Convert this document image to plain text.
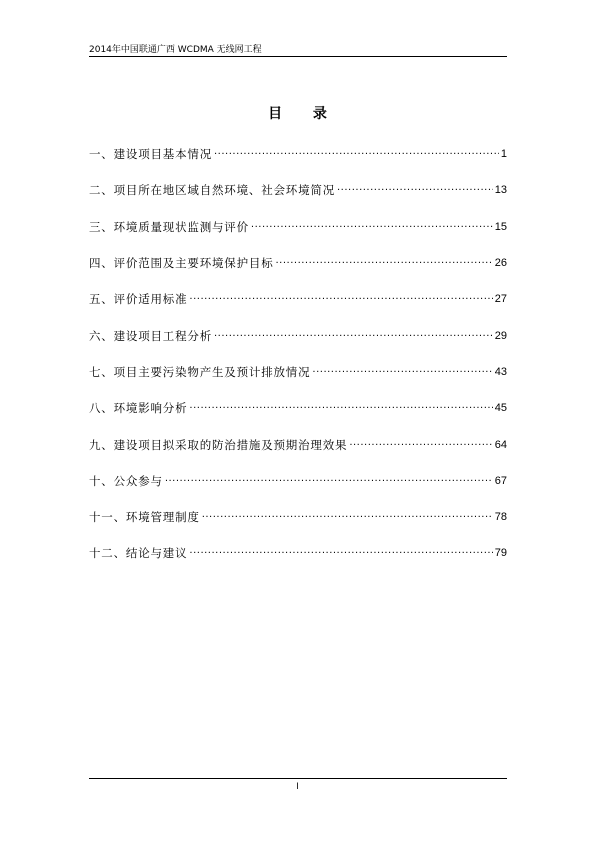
2014年中国联通广西 WCDMA 无线网工程
目 录
一、建设项目基本情况 .....	1
二、项目所在地区域自然环境、社会环境简况 .....	13
三、环境质量现状监测与评价 .....	15
四、评价范围及主要环境保护目标 .....	26
五、评价适用标准 .....	27
六、建设项目工程分析 .....	29
七、项目主要污染物产生及预计排放情况 .....	43
八、环境影响分析 .....	45
九、建设项目拟采取的防治措施及预期治理效果 .....	64
十、公众参与 .....	67
十一、环境管理制度 .....	78
十二、结论与建议 .....	79
I
